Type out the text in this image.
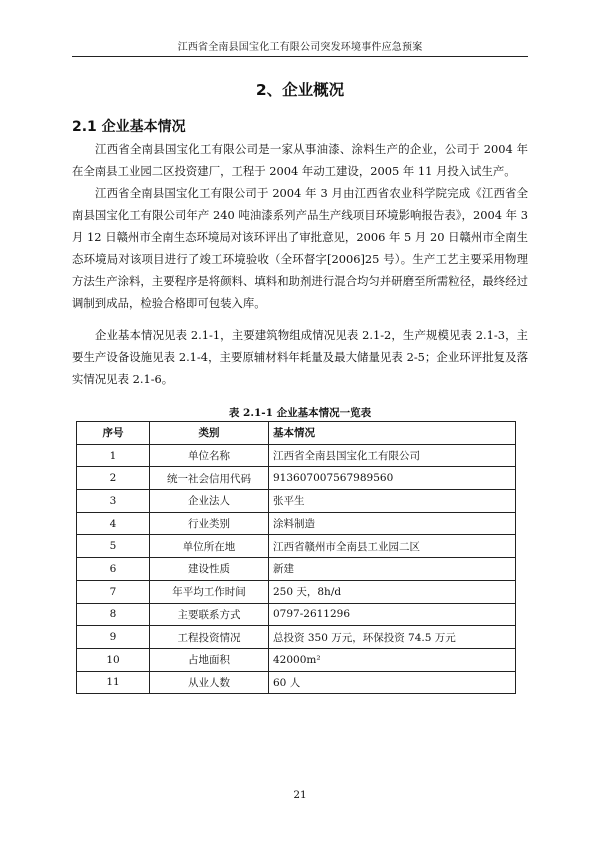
江西省全南县国宝化工有限公司突发环境事件应急预案
2、企业概况
2.1 企业基本情况

江西省全南县国宝化工有限公司是一家从事油漆、涂料生产的企业，公司于 2004 年在全南县工业园二区投资建厂，工程于 2004 年动工建设，2005 年 11 月投入试生产。

江西省全南县国宝化工有限公司于 2004 年 3 月由江西省农业科学院完成《江西省全南县国宝化工有限公司年产 240 吨油漆系列产品生产线项目环境影响报告表》，2004 年 3 月 12 日赣州市全南生态环境局对该环评出了审批意见，2006 年 5 月 20 日赣州市全南生态环境局对该项目进行了竣工环境验收（全环督字[2006]25 号）。生产工艺主要采用物理方法生产涂料，主要程序是将颜料、填料和助剂进行混合均匀并研磨至所需粒径，最终经过调制到成品，检验合格即可包装入库。

企业基本情况见表 2.1-1，主要建筑物组成情况见表 2.1-2，生产规模见表 2.1-3，主要生产设备设施见表 2.1-4，主要原辅材料年耗量及最大储量见表 2-5；企业环评批复及落实情况见表 2.1-6。

表 2.1-1 企业基本情况一览表
序号	类别	基本情况
1	单位名称	江西省全南县国宝化工有限公司
2	统一社会信用代码	913607007567989560
3	企业法人	张平生
4	行业类别	涂料制造
5	单位所在地	江西省赣州市全南县工业园二区
6	建设性质	新建
7	年平均工作时间	250 天，8h/d
8	主要联系方式	0797-2611296
9	工程投资情况	总投资 350 万元，环保投资 74.5 万元
10	占地面积	42000m²
11	从业人数	60 人
21
